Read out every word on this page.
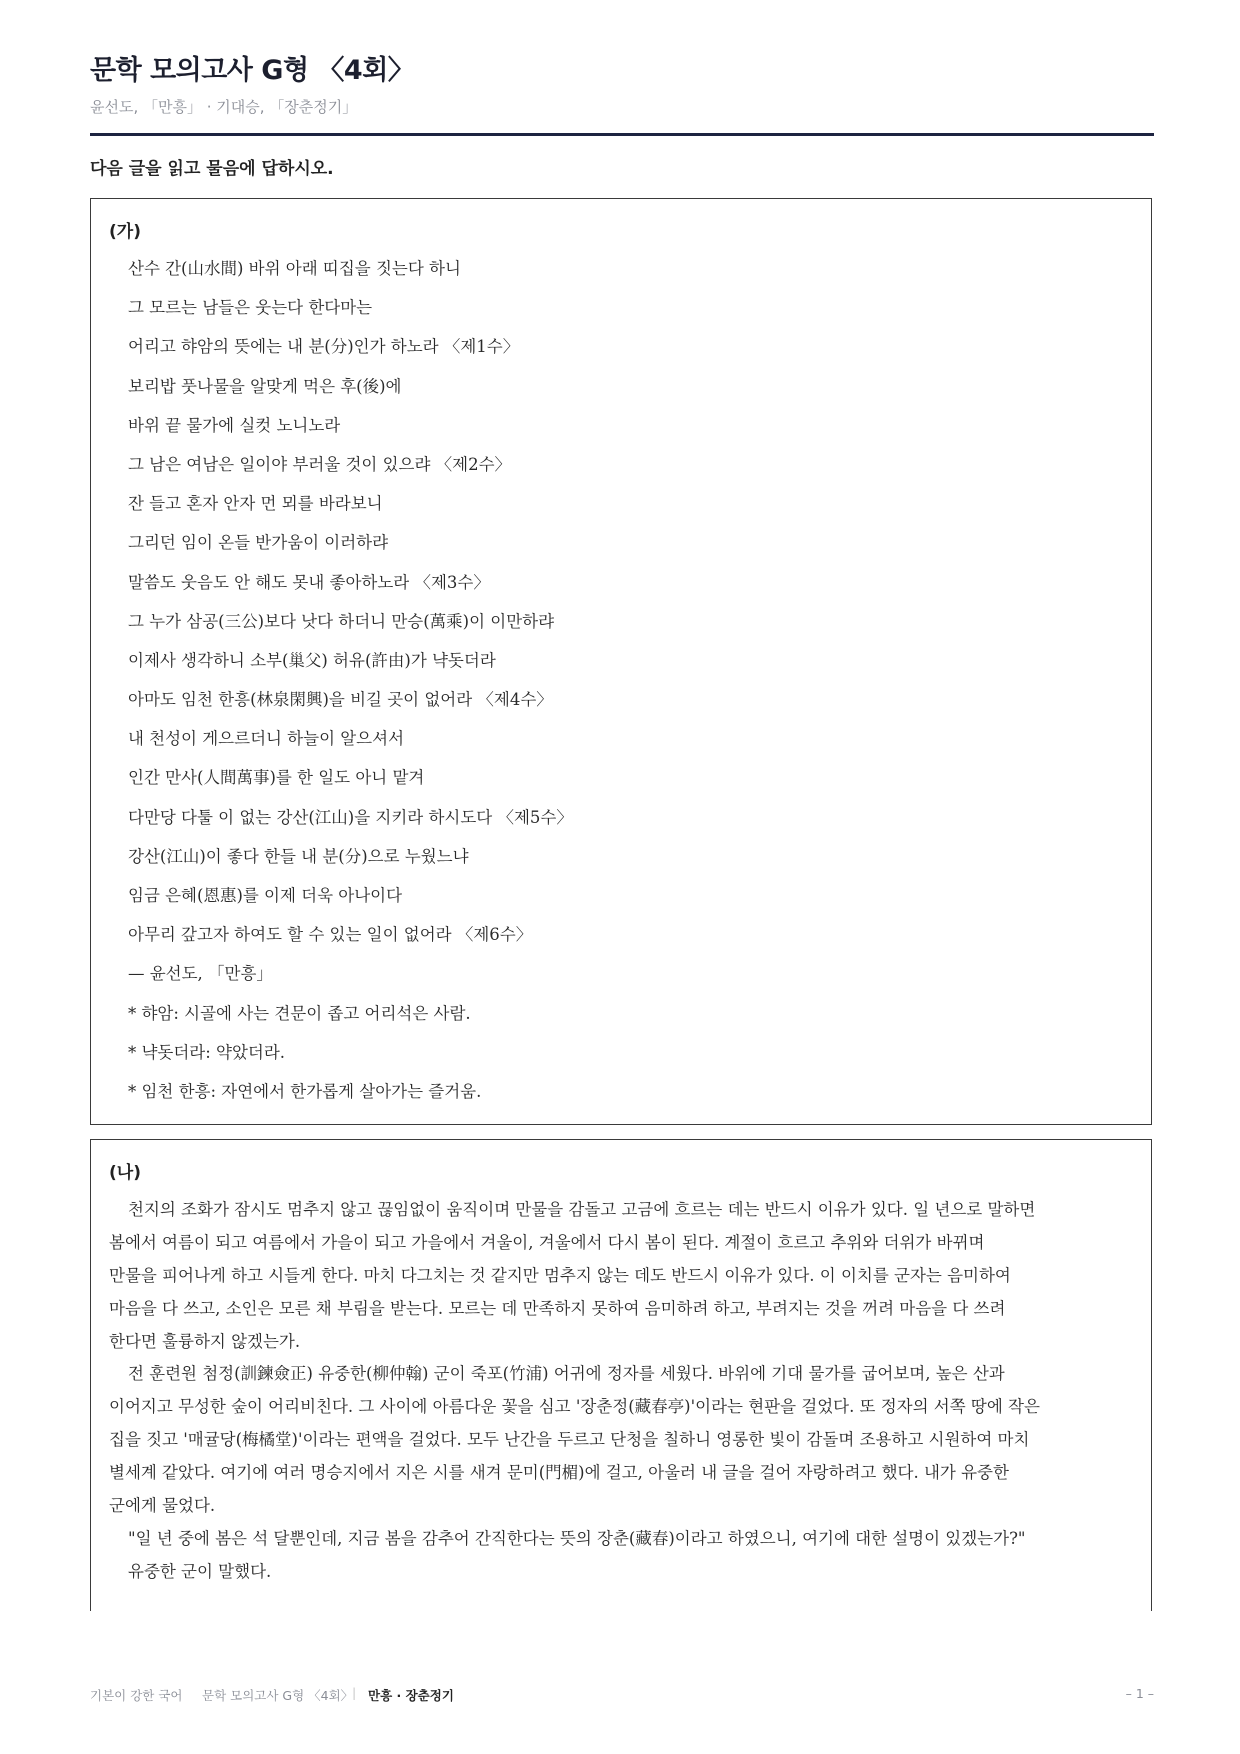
문학 모의고사 G형 〈4회〉
윤선도, 「만흥」 · 기대승, 「장춘정기」
다음 글을 읽고 물음에 답하시오.
(가)
산수 간(山水間) 바위 아래 띠집을 짓는다 하니
그 모르는 남들은 웃는다 한다마는
어리고 햐암의 뜻에는 내 분(分)인가 하노라 〈제1수〉
보리밥 풋나물을 알맞게 먹은 후(後)에
바위 끝 물가에 실컷 노니노라
그 남은 여남은 일이야 부러울 것이 있으랴 〈제2수〉
잔 들고 혼자 안자 먼 뫼를 바라보니
그리던 임이 온들 반가움이 이러하랴
말씀도 웃음도 안 해도 못내 좋아하노라 〈제3수〉
그 누가 삼공(三公)보다 낫다 하더니 만승(萬乘)이 이만하랴
이제사 생각하니 소부(巢父) 허유(許由)가 냑돗더라
아마도 임천 한흥(林泉閑興)을 비길 곳이 없어라 〈제4수〉
내 천성이 게으르더니 하늘이 알으셔서
인간 만사(人間萬事)를 한 일도 아니 맡겨
다만당 다툴 이 없는 강산(江山)을 지키라 하시도다 〈제5수〉
강산(江山)이 좋다 한들 내 분(分)으로 누웠느냐
임금 은혜(恩惠)를 이제 더욱 아나이다
아무리 갚고자 하여도 할 수 있는 일이 없어라 〈제6수〉
— 윤선도, 「만흥」
* 햐암: 시골에 사는 견문이 좁고 어리석은 사람.
* 냑돗더라: 약았더라.
* 임천 한흥: 자연에서 한가롭게 살아가는 즐거움.
(나)
천지의 조화가 잠시도 멈추지 않고 끊임없이 움직이며 만물을 감돌고 고금에 흐르는 데는 반드시 이유가 있다. 일 년으로 말하면
봄에서 여름이 되고 여름에서 가을이 되고 가을에서 겨울이, 겨울에서 다시 봄이 된다. 계절이 흐르고 추위와 더위가 바뀌며
만물을 피어나게 하고 시들게 한다. 마치 다그치는 것 같지만 멈추지 않는 데도 반드시 이유가 있다. 이 이치를 군자는 음미하여
마음을 다 쓰고, 소인은 모른 채 부림을 받는다. 모르는 데 만족하지 못하여 음미하려 하고, 부려지는 것을 꺼려 마음을 다 쓰려
한다면 훌륭하지 않겠는가.
전 훈련원 첨정(訓鍊僉正) 유중한(柳仲翰) 군이 죽포(竹浦) 어귀에 정자를 세웠다. 바위에 기대 물가를 굽어보며, 높은 산과
이어지고 무성한 숲이 어리비친다. 그 사이에 아름다운 꽃을 심고 '장춘정(藏春亭)'이라는 현판을 걸었다. 또 정자의 서쪽 땅에 작은
집을 짓고 '매귤당(梅橘堂)'이라는 편액을 걸었다. 모두 난간을 두르고 단청을 칠하니 영롱한 빛이 감돌며 조용하고 시원하여 마치
별세계 같았다. 여기에 여러 명승지에서 지은 시를 새겨 문미(門楣)에 걸고, 아울러 내 글을 걸어 자랑하려고 했다. 내가 유중한
군에게 물었다.
"일 년 중에 봄은 석 달뿐인데, 지금 봄을 감추어 간직한다는 뜻의 장춘(藏春)이라고 하였으니, 여기에 대한 설명이 있겠는가?"
유중한 군이 말했다.
기본이 강한 국어 문학 모의고사 G형 〈4회〉
| 만흥 · 장춘정기	– 1 –
